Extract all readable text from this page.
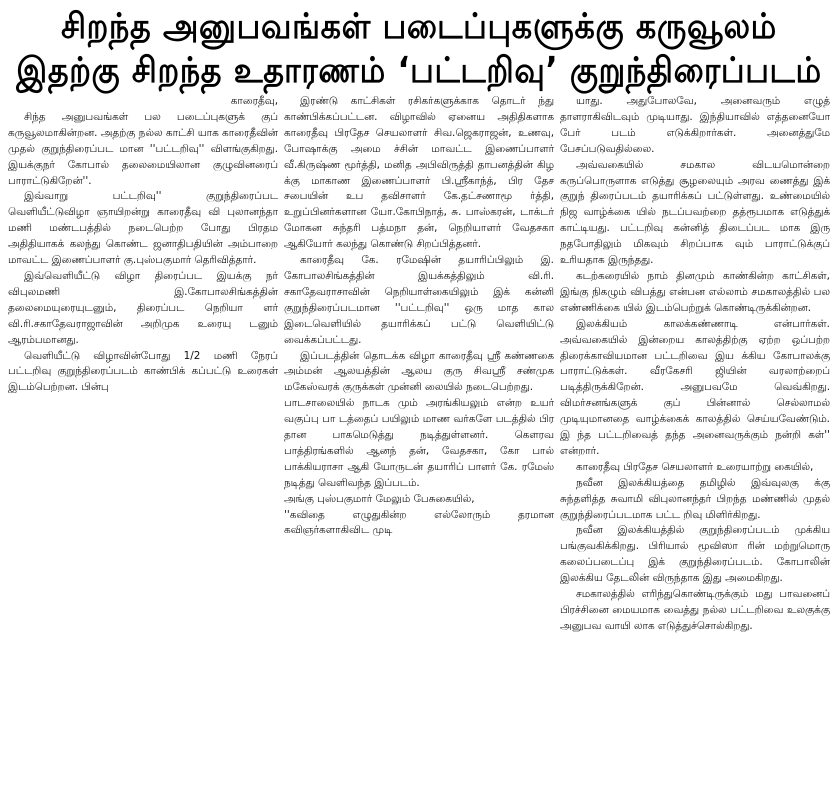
சிறந்த அனுபவங்கள் படைப்புகளுக்கு கருவூலம்
இதற்கு சிறந்த உதாரணம் ‘பட்டறிவு’ குறுந்திரைப்படம்

காரைதீவு,

சிந்த அனுபவங்கள் பல படைப்புகளுக் குப் கருவூலமாகின்றன. அதற்கு நல்ல காட்சி யாக காரைதீவின் முதல் குறுந்திரைப்பட மான ''பட்டறிவு'' விளங்குகிறது. இயக்குநர் கோபால் தலைமையிலான குழுவினரைப் பாராட்டுகிறேன்''.

இவ்வாறு பட்டறிவு'' குறுந்திரைப்பட வெளியீட்டுவிழா ஞாயிறன்று காரைதீவு வி புலானந்தா மணி மண்டபத்தில் நடைபெற்ற போது பிரதம அதிதியாகக் கலந்து கொண்ட ஜனாதிபதியின் அம்பாறை மாவட்ட இணைப்பாளர் கு.புஸ்பகுமார் தெரிவித்தார்.

இவ்வெளியீட்டு விழா திரைப்பட இயக்கு நர் விபுலமணி இ.கோபாலசிங்கத்தின் தலைமையுரையுடனும், திரைப்பட நெறியா ளர் வி.ரி.சகாதேவராஜாவின் அறிமுக உரையு டனும் ஆரம்பமானது.

வெளியீட்டு விழாவின்போது 1/2 மணி நேரப் பட்டறிவு குறுந்திரைப்படம் காண்பிக் கப்பட்டு உரைகள் இடம்பெற்றன. பின்பு

இரண்டு காட்சிகள் ரசிகர்களுக்காக தொடர் ந்து காண்பிக்கப்பட்டன. விழாவில் ஏனைய அதிதிகளாக காரைதீவு பிரதேச செயலாளர் சிவ.ஜெகராஜன், உணவு, போஷாக்கு அமை ச்சின் மாவட்ட இணைப்பாளர் வீ.கிருஷ்ண மூர்த்தி, மனித அபிவிருத்தி தாபனத்தின் கிழ க்கு மாகாண இணைப்பாளர் பி.ஸ்ரீகாந்த், பிர தேச சபையின் உப தவிசாளர் கே.தட்சணாமூ ர்த்தி, உறுப்பினர்களான யோ.கோபிநாத், சு. பாஸ்கரன், டாக்டர் மோகன சுந்தரி பத்மநா தன், நெறியாளர் வேதசகா ஆகியோர் கலந்து கொண்டு சிறப்பித்தனர்.

காரைதீவு கே. ரமேஷின் தயாரிப்பிலும் இ. கோபாலசிங்கத்தின் இயக்கத்திலும் வி.ரி. சகாதேவராசாவின் நெறியாள்கையிலும் இக் கன்னி குறுந்திரைப்படமான ''பட்டறிவு'' ஒரு மாத கால இடைவெளியில் தயாரிக்கப் பட்டு வெளியிட்டு வைக்கப்பட்டது.

இப்படத்தின் தொடக்க விழா காரைதீவு ஸ்ரீ கண்ணகை அம்மன் ஆலயத்தின் ஆலய குரு சிவஸ்ரீ சண்முக மகேஸ்வரக் குருக்கள் முன்னி லையில் நடைபெற்றது.

பாடசாலையில் நாடக மும் அரங்கியலும் என்ற உயர் வகுப்பு பா டத்தைப் பயிலும் மாண வர்களே படத்தில் பிர தான பாகமெடுத்து நடித்துள்ளனர். கௌரவ பாத்திரங்களில் ஆனந் தன், வேதசகா, கோ பால் பாக்கியராசா ஆகி யோருடன் தயாரிப் பாளர் கே. ரமேஸ் நடித்து வெளிவந்த இப்படம்.

அங்கு புஸ்பகுமார் மேலும் பேசுகையில்,

''கவிதை எழுதுகின்ற எல்லோரும் தரமான கவிஞர்களாகிவிட முடி

யாது. அதுபோலவே, அனைவரும் எழுத் தாளராகிவிடவும் முடியாது. இந்தியாவில் எத்தனையோ பேர் படம் எடுக்கிறார்கள். அனைத்துமே பேசப்படுவதில்லை.

அவ்வகையில் சமகால விடயமொன்றை கருப்பொருளாக எடுத்து சூழலையும் அரவ ணைத்து இக் குறுந் திரைப்படம் தயாரிக்கப் பட்டுள்ளது. உண்மையில் நிஜ வாழ்க்கை யில் நடப்பவற்றை தத்ரூபமாக எடுத்துக் காட்டியது. பட்டறிவு கன்னித் திடைப்பட மாக இரு நதபோதிலும் மிகவும் சிறப்பாக வும் பாராட்டுக்குப் உரியதாக இருந்தது.

கடற்கரையில் நாம் தினமும் காண்கின்ற காட்சிகள், இங்கு நிகழும் விபத்து என்பன எல்லாம் சமகாலத்தில் பல எண்ணிக்கை யில் இடம்பெற்றுக் கொண்டிருக்கின்றன.

இலக்கியம் காலக்கண்ணாடி என்பார்கள். அவ்வகையில் இன்றைய காலத்திற்கு ஏற்ற ஒப்பற்ற திரைக்காவியமான பட்டறிவை இய க்கிய கோபாலக்கு பாராட்டுக்கள். வீரகேசரி ஜியின் வரலாற்றைப் படித்திருக்கிறேன். அனுபவமே வெவ்கிறது. விமர்சனங்களுக் குப் பின்னால் செல்லாமல் முடியுமானதை வாழ்க்கைக் காலத்தில் செய்யவேண்டும். இ ந்த பட்டறிவைத் தந்த அனைவருக்கும் நன்றி கள்'' என்றார்.

காரைதீவு பிரதேச செயலாளர் உரையாற்று கையில்,

நவீன இலக்கியத்தை தமிழில் இவ்வுலகு க்கு சுந்தளித்த சுவாமி விபுலானந்தர் பிறந்த மண்ணில் முதல் குறுந்திரைப்படமாக பட்ட றிவு மிளிர்கிறது.

நவீன இலக்கியத்தில் குறுந்திரைப்படம் முக்கிய பங்குவகிக்கிறது. பிரியால் மூவிஸா ரின் மற்றுமொரு கலைப்படைப்பு இக் குறுந்திரைப்படம். கோபாலின் இலக்கிய தேடலின் விருந்தாக இது அமைகிறது.

சமகாலத்தில் எரிந்துகொண்டிருக்கும் மது பாவனைப் பிரச்சினை மையமாக வைத்து நல்ல பட்டறிவை உலகுக்கு அனுபவ வாயி லாக எடுத்துச்சொல்கிறது.
